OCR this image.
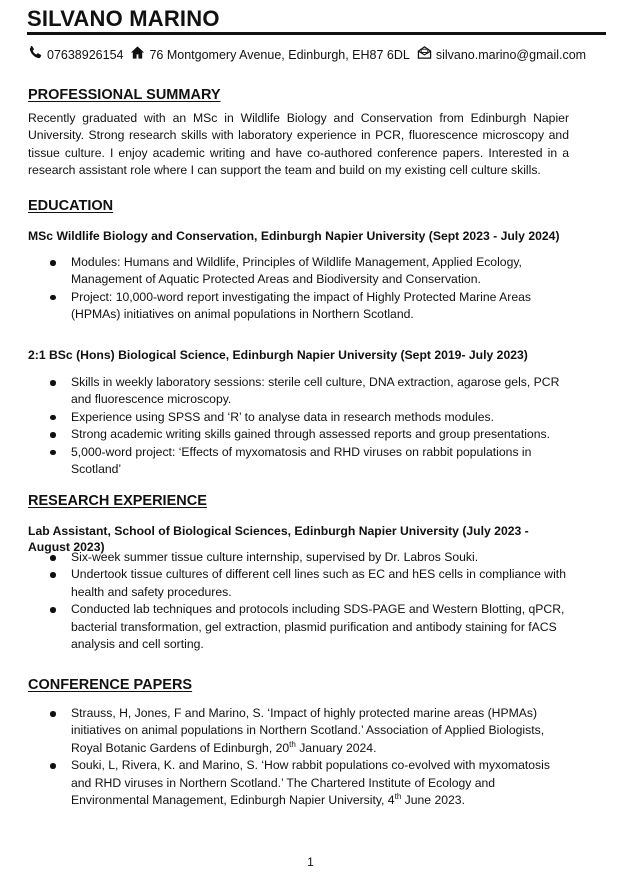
SILVANO MARINO
07638926154 76 Montgomery Avenue, Edinburgh, EH87 6DL silvano.marino@gmail.com
PROFESSIONAL SUMMARY

Recently graduated with an MSc in Wildlife Biology and Conservation from Edinburgh Napier University. Strong research skills with laboratory experience in PCR, fluorescence microscopy and tissue culture. I enjoy academic writing and have co-authored conference papers. Interested in a research assistant role where I can support the team and build on my existing cell culture skills.

EDUCATION

MSc Wildlife Biology and Conservation, Edinburgh Napier University (Sept 2023 - July 2024)

Modules: Humans and Wildlife, Principles of Wildlife Management, Applied Ecology, Management of Aquatic Protected Areas and Biodiversity and Conservation.
Project: 10,000-word report investigating the impact of Highly Protected Marine Areas (HPMAs) initiatives on animal populations in Northern Scotland.

2:1 BSc (Hons) Biological Science, Edinburgh Napier University (Sept 2019- July 2023)

Skills in weekly laboratory sessions: sterile cell culture, DNA extraction, agarose gels, PCR and fluorescence microscopy.
Experience using SPSS and ‘R’ to analyse data in research methods modules.
Strong academic writing skills gained through assessed reports and group presentations.
5,000-word project: ‘Effects of myxomatosis and RHD viruses on rabbit populations in Scotland’
RESEARCH EXPERIENCE

Lab Assistant, School of Biological Sciences, Edinburgh Napier University (July 2023 - August 2023)

Six-week summer tissue culture internship, supervised by Dr. Labros Souki.
Undertook tissue cultures of different cell lines such as EC and hES cells in compliance with health and safety procedures.
Conducted lab techniques and protocols including SDS-PAGE and Western Blotting, qPCR, bacterial transformation, gel extraction, plasmid purification and antibody staining for fACS analysis and cell sorting.
CONFERENCE PAPERS
Strauss, H, Jones, F and Marino, S. ‘Impact of highly protected marine areas (HPMAs) initiatives on animal populations in Northern Scotland.’ Association of Applied Biologists, Royal Botanic Gardens of Edinburgh, 20th January 2024.
Souki, L, Rivera, K. and Marino, S. ‘How rabbit populations co-evolved with myxomatosis and RHD viruses in Northern Scotland.’ The Chartered Institute of Ecology and Environmental Management, Edinburgh Napier University, 4th June 2023.
1
